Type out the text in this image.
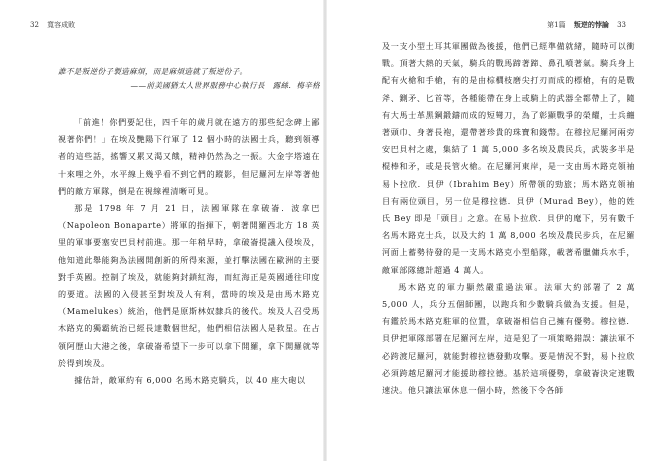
32 寬容成敗
誰不是叛逆份子製造麻煩，而是麻煩造就了叛逆份子。
——前美國猶太人世界服務中心執行長　露絲．梅辛格

「前進！你們要記住，四千年的歲月就在遠方的那些紀念碑上鄙視著你們！」在埃及艷陽下行軍了 12 個小時的法國士兵，聽到領導者的這些話，搖響又累又渴又餓，精神仍然為之一振。大金字塔遠在十來哩之外，水平線上幾乎看不到它們的蹤影，但尼羅河左岸等著他們的敵方軍隊，倒是在視線裡清晰可見。

那是 1798 年 7 月 21 日，法國軍隊在拿破崙．波拿巴（Napoleon Bonaparte）將軍的指揮下，朝著開羅西北方 18 英里的軍事要塞安巴貝村前進。那一年稍早時，拿破崙提議入侵埃及，他知道此舉能夠為法國開創新的所得來源，並打擊法國在歐洲的主要對手英國。控制了埃及，就能夠封鎖紅海，而紅海正是英國通往印度的要道。法國的入侵甚至對埃及人有利，當時的埃及是由馬木路克（Mamelukes）統治，他們是原斯林奴隸兵的後代。埃及人召受馬木路克的獨霸統治已經長達數個世紀，他們相信法國人是救星。在占領阿歷山大港之後，拿破崙希望下一步可以拿下開羅，拿下開羅就等於得到埃及。

據估計，敵軍約有 6,000 名馬木路克騎兵，以 40 座大砲以

第1篇 叛逆的悖論 33

及一支小型土耳其軍團做為後援，他們已經準備就緒，隨時可以衝戰。頂著大熱的天氣，騎兵的戰馬蹄著蹄、鼻孔噴著氣。騎兵身上配有火槍和手槍，有的是由棕櫚枝磨尖打刃而成的標槍，有的是戰斧、鍘矛、匕首等，各種能帶在身上或騎上的武器全都帶上了，隨有大馬士革黑鋼鍛鑄而成的短彎刀，為了彰顯戰爭的榮耀，士兵纏著頭巾、身著長袍，還帶著珍貴的珠寶和錢幣。在穆拉尼羅河兩旁安巴貝村之處，集結了 1 萬 5,000 多名埃及農民兵，武裝多半是棍棒和矛，或是長管火槍。在尼羅河東岸，是一支由馬木路克領袖易卜拉欣．貝伊（Ibrahim Bey）所帶領的勁旅；馬木路克領袖目有兩位頭目，另一位是穆拉德．貝伊（Murad Bey），他的姓氏 Bey 即是「頭目」之意。在易卜拉欣．貝伊的麾下，另有數千名馬木路克士兵，以及大約 1 萬 8,000 名埃及農民步兵，在尼羅河面上蓄勢待發的是一支馬木路克小型船隊，載著希臘傭兵水手，敵軍部隊總計超過 4 萬人。

馬木路克的軍力顯然嚴重過法軍。法軍大約部署了 2 萬 5,000 人，兵分五個師團，以跑兵和少數騎兵做為支援。但是，有鑑於馬木路克駐軍的位置，拿破崙相信自己擁有優勢。穆拉德．貝伊把軍隊部署在尼羅河左岸，這是犯了一項策略錯誤：讓法軍不必跨渡尼羅河，就能對穆拉德發動攻擊。要是情況不對，易卜拉欣必須跨越尼羅河才能援助穆拉德。基於這項優勢，拿破崙決定速戰速決。他只讓法軍休息一個小時，然後下令各師
